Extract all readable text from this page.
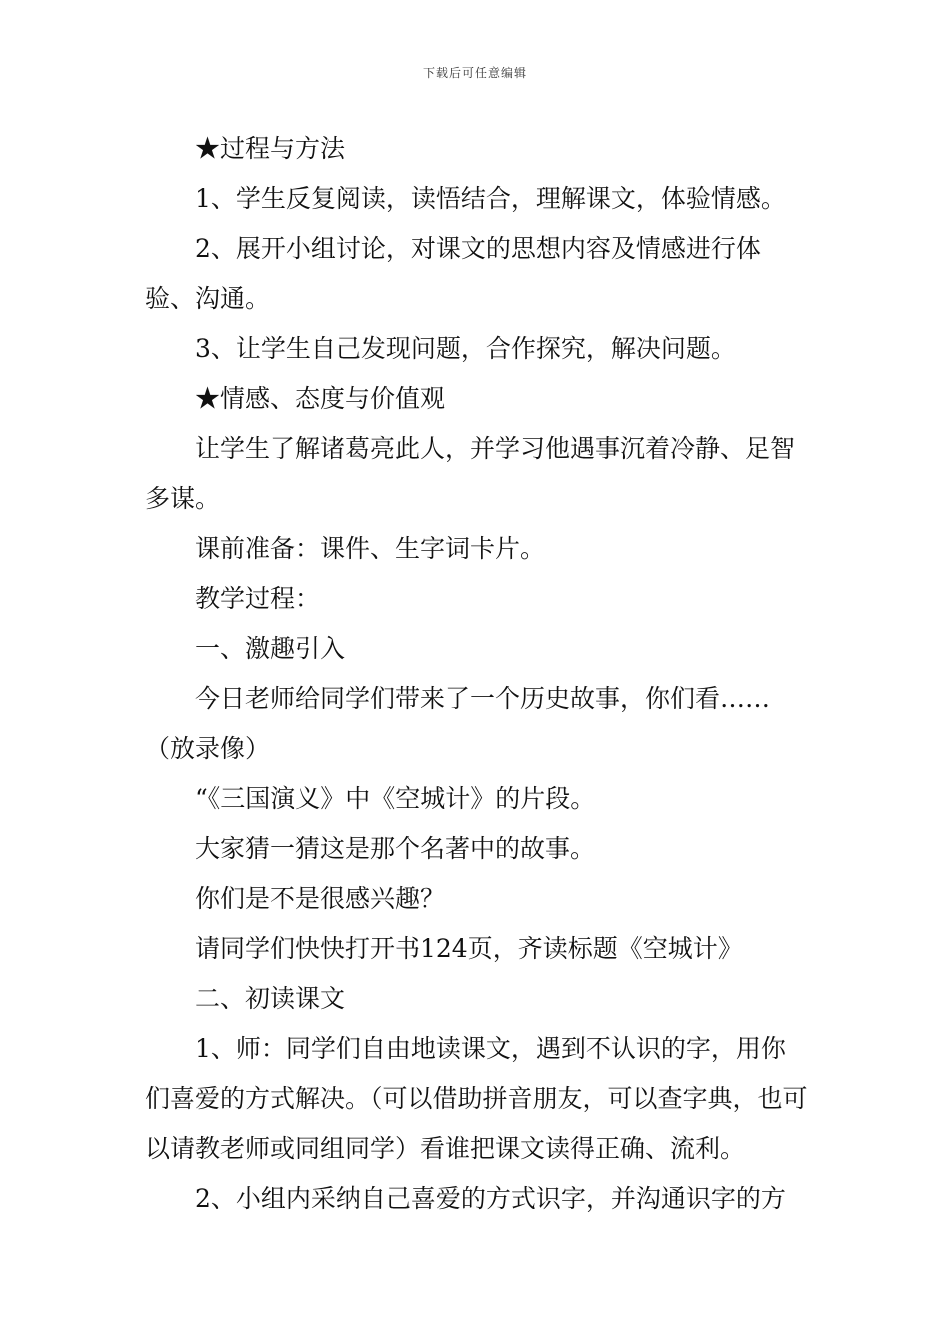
下载后可任意编辑

★过程与方法

1、学生反复阅读，读悟结合，理解课文，体验情感。

2、展开小组讨论，对课文的思想内容及情感进行体验、沟通。

3、让学生自己发现问题，合作探究，解决问题。

★情感、态度与价值观

让学生了解诸葛亮此人，并学习他遇事沉着冷静、足智多谋。

课前准备：课件、生字词卡片。

教学过程：

一、激趣引入

今日老师给同学们带来了一个历史故事，你们看……（放录像）

“《三国演义》中《空城计》的片段。

大家猜一猜这是那个名著中的故事。

你们是不是很感兴趣？

请同学们快快打开书124页，齐读标题《空城计》

二、初读课文

1、师：同学们自由地读课文，遇到不认识的字，用你们喜爱的方式解决。（可以借助拼音朋友，可以查字典，也可以请教老师或同组同学）看谁把课文读得正确、流利。

2、小组内采纳自己喜爱的方式识字，并沟通识字的方
